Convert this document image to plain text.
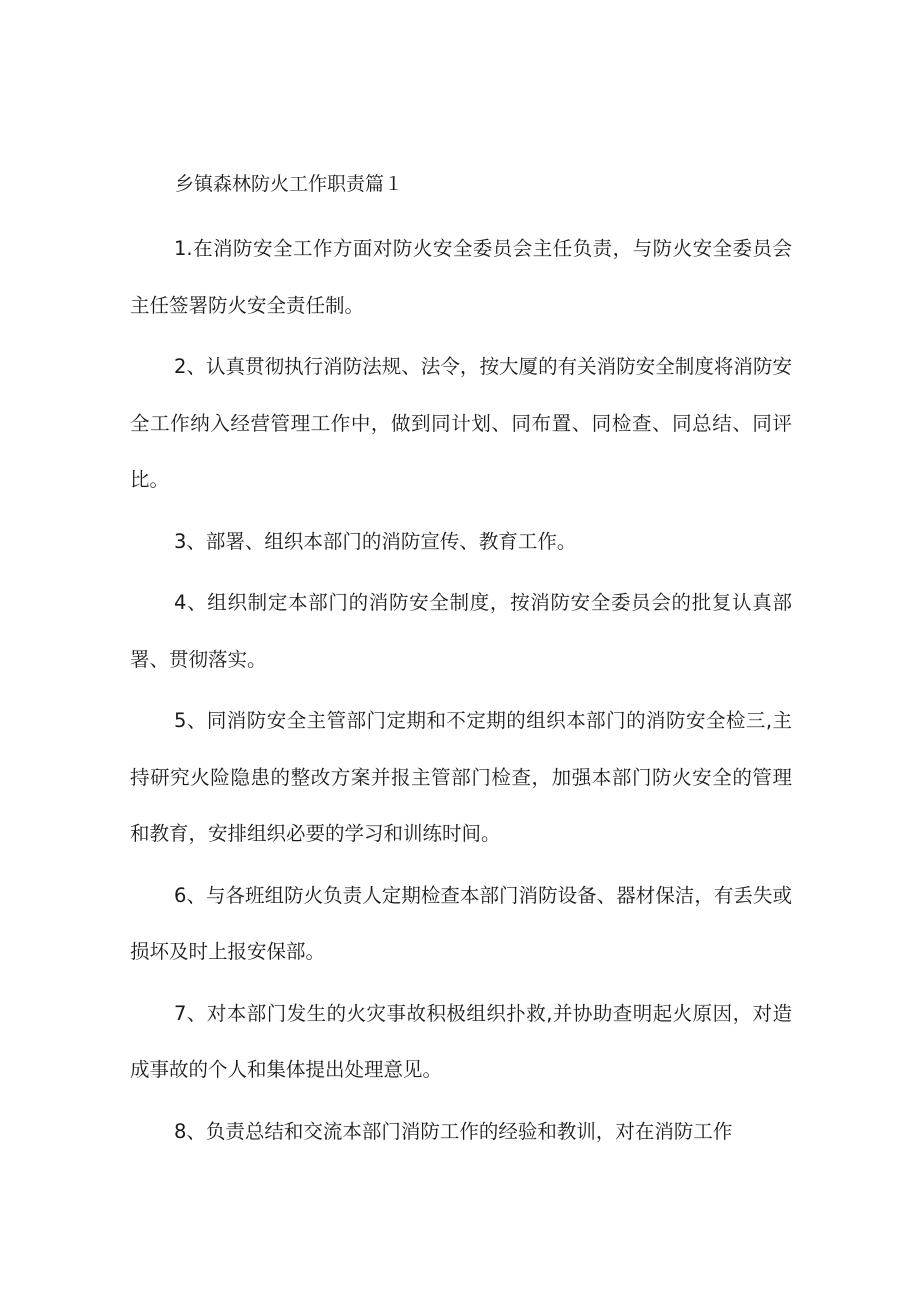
乡镇森林防火工作职责篇１

1.在消防安全工作方面对防火安全委员会主任负责，与防火安全委员会主任签署防火安全责任制。

2、认真贯彻执行消防法规、法令，按大厦的有关消防安全制度将消防安全工作纳入经营管理工作中，做到同计划、同布置、同检查、同总结、同评比。

3、部署、组织本部门的消防宣传、教育工作。

4、组织制定本部门的消防安全制度，按消防安全委员会的批复认真部署、贯彻落实。

5、同消防安全主管部门定期和不定期的组织本部门的消防安全检三,主持研究火险隐患的整改方案并报主管部门检查，加强本部门防火安全的管理和教育，安排组织必要的学习和训练时间。

6、与各班组防火负责人定期检查本部门消防设备、器材保洁，有丢失或损坏及时上报安保部。

7、对本部门发生的火灾事故积极组织扑救,并协助查明起火原因，对造成事故的个人和集体提出处理意见。

8、负责总结和交流本部门消防工作的经验和教训，对在消防工作
